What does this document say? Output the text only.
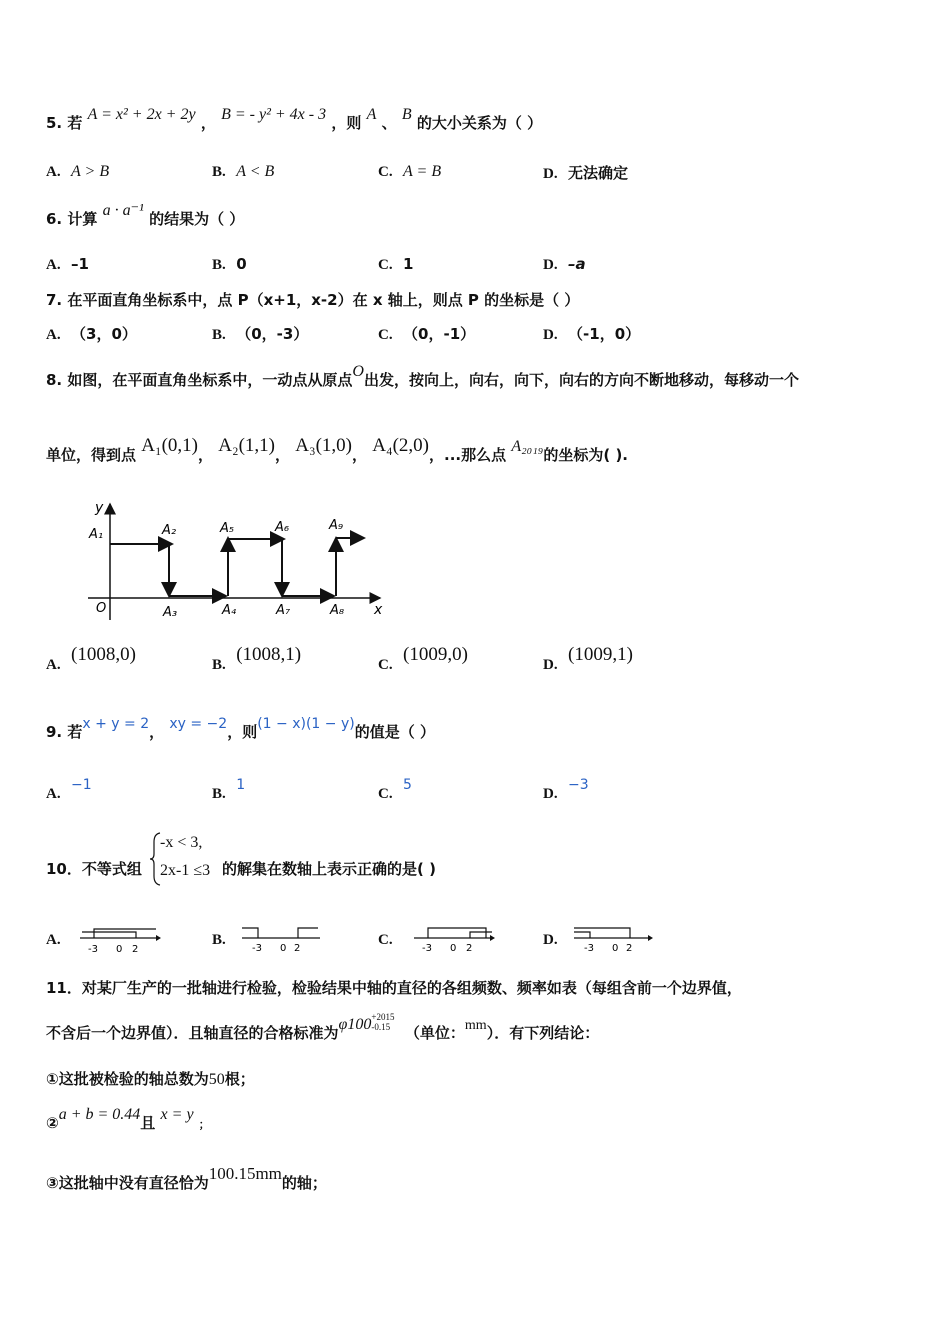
5. 若 A = x² + 2x + 2y ， B = - y² + 4x - 3 ，则 A 、 B 的大小关系为（ ）
A. A > B	B. A < B	C. A = B	D. 无法确定
6. 计算 a · a⁻¹ 的结果为（ ）
A. –1	B. 0	C. 1	D. –a
7. 在平面直角坐标系中，点 P（x+1，x-2）在 x 轴上，则点 P 的坐标是（ ）
A. （3，0）	B. （0，-3）	C. （0，-1）	D. （-1，0）
8. 如图，在平面直角坐标系中，一动点从原点O出发，按向上，向右，向下，向右的方向不断地移动，每移动一个
单位，得到点 A₁(0,1)， A₂(1,1)， A₃(1,0)， A₄(2,0)，...那么点 A₂₀₁₉的坐标为( ).
y
x
O
A₁	A₂	A₅	A₆	A₉
A₃	A₄	A₇	A₈
A. (1008,0)	B. (1008,1)	C. (1009,0)	D. (1009,1)
9. 若x + y = 2， xy = −2，则(1 − x)(1 − y)的值是（ ）
A.  −1
B.  1
C.  5
D.  −3
10．不等式组
-x < 3,
2x-1 ≤3 的解集在数轴上表示正确的是( )
A.
-3 0 2
B.
-3 0 2
C.
-3 0 2
D.
-3 0 2
11．对某厂生产的一批轴进行检验，检验结果中轴的直径的各组频数、频率如表（每组含前一个边界值，
不含后一个边界值）．且轴直径的合格标准为φ100 +2015
-0.15 （单位：mm）．有下列结论：
①这批被检验的轴总数为50根；
②a + b = 0.44且 x = y ；
③这批轴中没有直径恰为100.15mm的轴；
